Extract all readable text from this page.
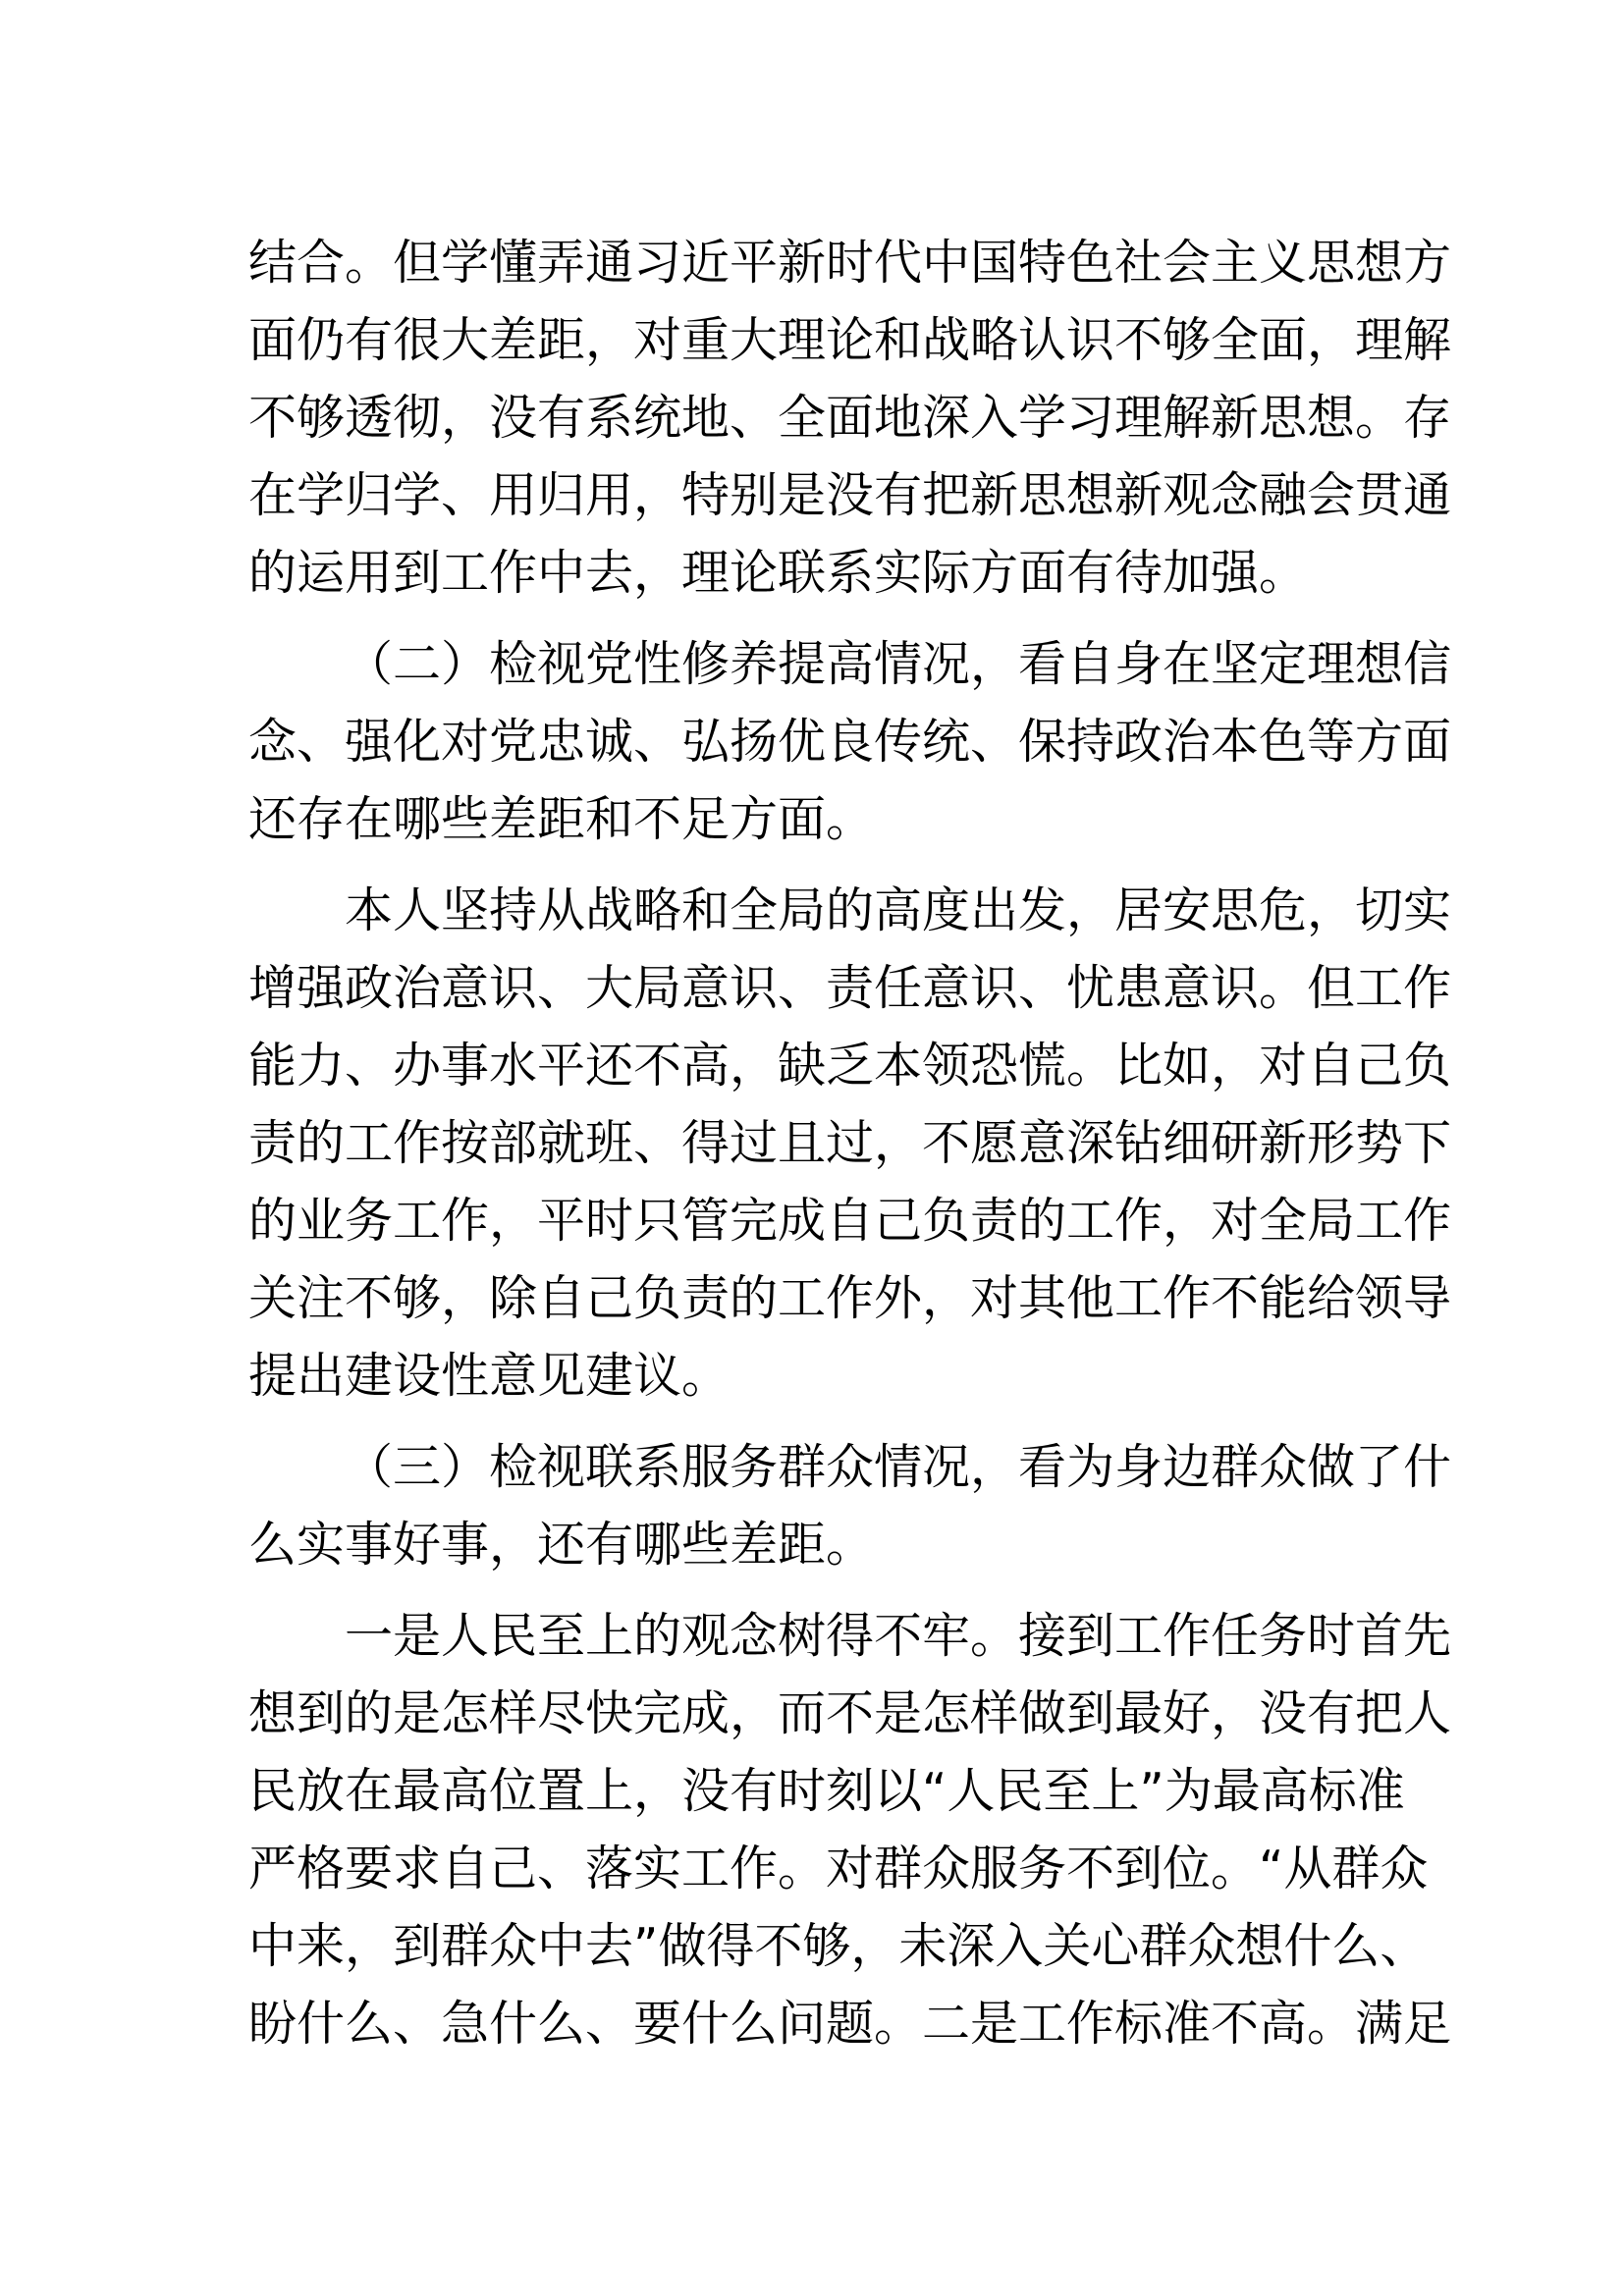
结合。但学懂弄通习近平新时代中国特色社会主义思想方
面仍有很大差距，对重大理论和战略认识不够全面，理解
不够透彻，没有系统地、全面地深入学习理解新思想。存
在学归学、用归用，特别是没有把新思想新观念融会贯通
的运用到工作中去，理论联系实际方面有待加强。
（二）检视党性修养提高情况，看自身在坚定理想信
念、强化对党忠诚、弘扬优良传统、保持政治本色等方面
还存在哪些差距和不足方面。
本人坚持从战略和全局的高度出发，居安思危，切实
增强政治意识、大局意识、责任意识、忧患意识。但工作
能力、办事水平还不高，缺乏本领恐慌。比如，对自己负
责的工作按部就班、得过且过，不愿意深钻细研新形势下
的业务工作，平时只管完成自己负责的工作，对全局工作
关注不够，除自己负责的工作外，对其他工作不能给领导
提出建设性意见建议。
（三）检视联系服务群众情况，看为身边群众做了什
么实事好事，还有哪些差距。
一是人民至上的观念树得不牢。接到工作任务时首先
想到的是怎样尽快完成，而不是怎样做到最好，没有把人
民放在最高位置上，没有时刻以“人民至上”为最高标准
严格要求自己、落实工作。对群众服务不到位。“从群众
中来，到群众中去”做得不够，未深入关心群众想什么、
盼什么、急什么、要什么问题。二是工作标准不高。满足
